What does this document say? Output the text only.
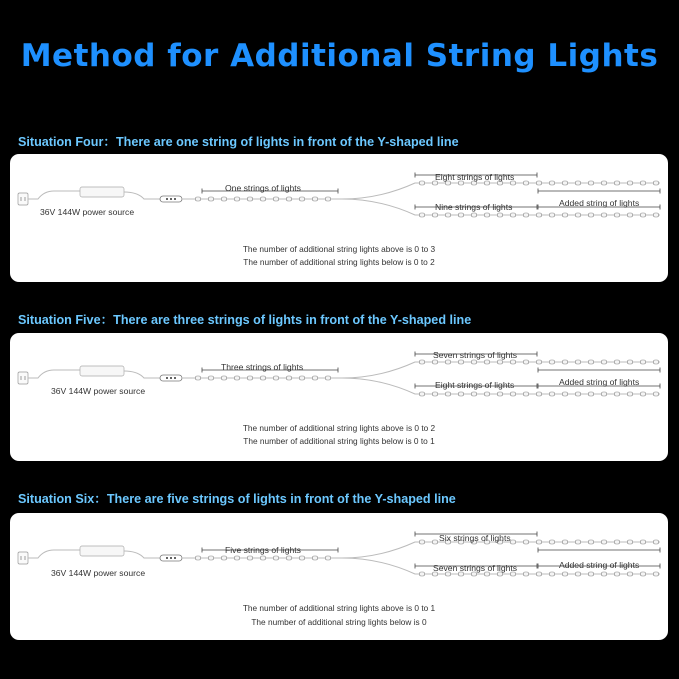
Method for Additional String Lights
Situation Four：There are one string of lights in front of the Y-shaped line
36V 144W power source
One strings of lights
Eight strings of lights
Nine strings of lights	Added string of lights
The number of additional string lights above is 0 to 3
The number of additional string lights below is 0 to 2
Situation Five：There are three strings of lights in front of the Y-shaped line
36V 144W power source
Three strings of lights
Seven strings of lights
Eight strings of lights	Added string of lights
The number of additional string lights above is 0 to 2
The number of additional string lights below is 0 to 1
Situation Six：There are five strings of lights in front of the Y-shaped line
36V 144W power source
Five strings of lights
Six strings of lights
Seven strings of lights	Added string of lights
The number of additional string lights above is 0 to 1
The number of additional string lights below is 0
